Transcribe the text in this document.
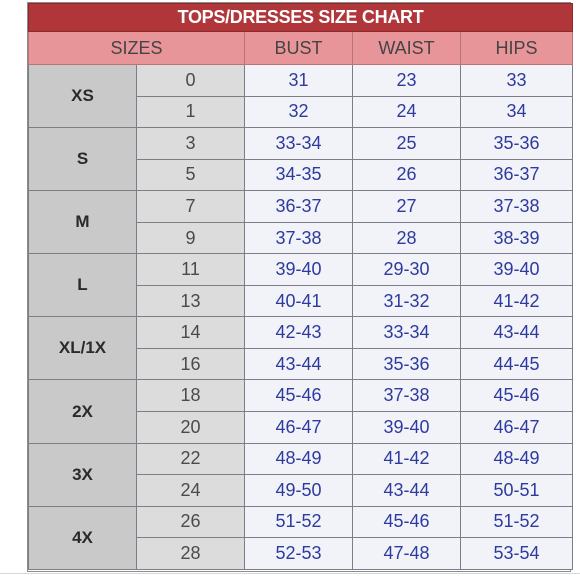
TOPS/DRESSES SIZE CHART				
SIZES		BUST	WAIST	HIPS
XS	0	31	23	33
	1	32	24	34
S	3	33-34	25	35-36
	5	34-35	26	36-37
M	7	36-37	27	37-38
	9	37-38	28	38-39
L	11	39-40	29-30	39-40
	13	40-41	31-32	41-42
XL/1X	14	42-43	33-34	43-44
	16	43-44	35-36	44-45
2X	18	45-46	37-38	45-46
	20	46-47	39-40	46-47
3X	22	48-49	41-42	48-49
	24	49-50	43-44	50-51
4X	26	51-52	45-46	51-52
	28	52-53	47-48	53-54
